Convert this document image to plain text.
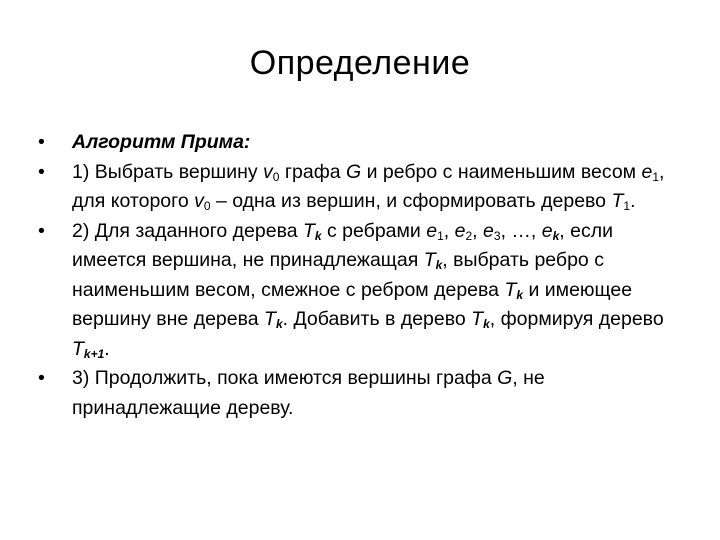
Определение
•	Алгоритм Прима:
•	1) Выбрать вершину $v_0$ графа G и ребро с наименьшим весом $e_1$, для которого $v_0$ – одна из вершин, и сформировать дерево $T_1$.
•	2) Для заданного дерева $T_k$ с ребрами $e_1$, $e_2$, $e_3$, …, $e_k$, если имеется вершина, не принадлежащая $T_k$, выбрать ребро с наименьшим весом, смежное с ребром дерева $T_k$ и имеющее вершину вне дерева $T_k$. Добавить в дерево $T_k$, формируя дерево $T_{k+1}$.
•	3) Продолжить, пока имеются вершины графа G, не принадлежащие дереву.
